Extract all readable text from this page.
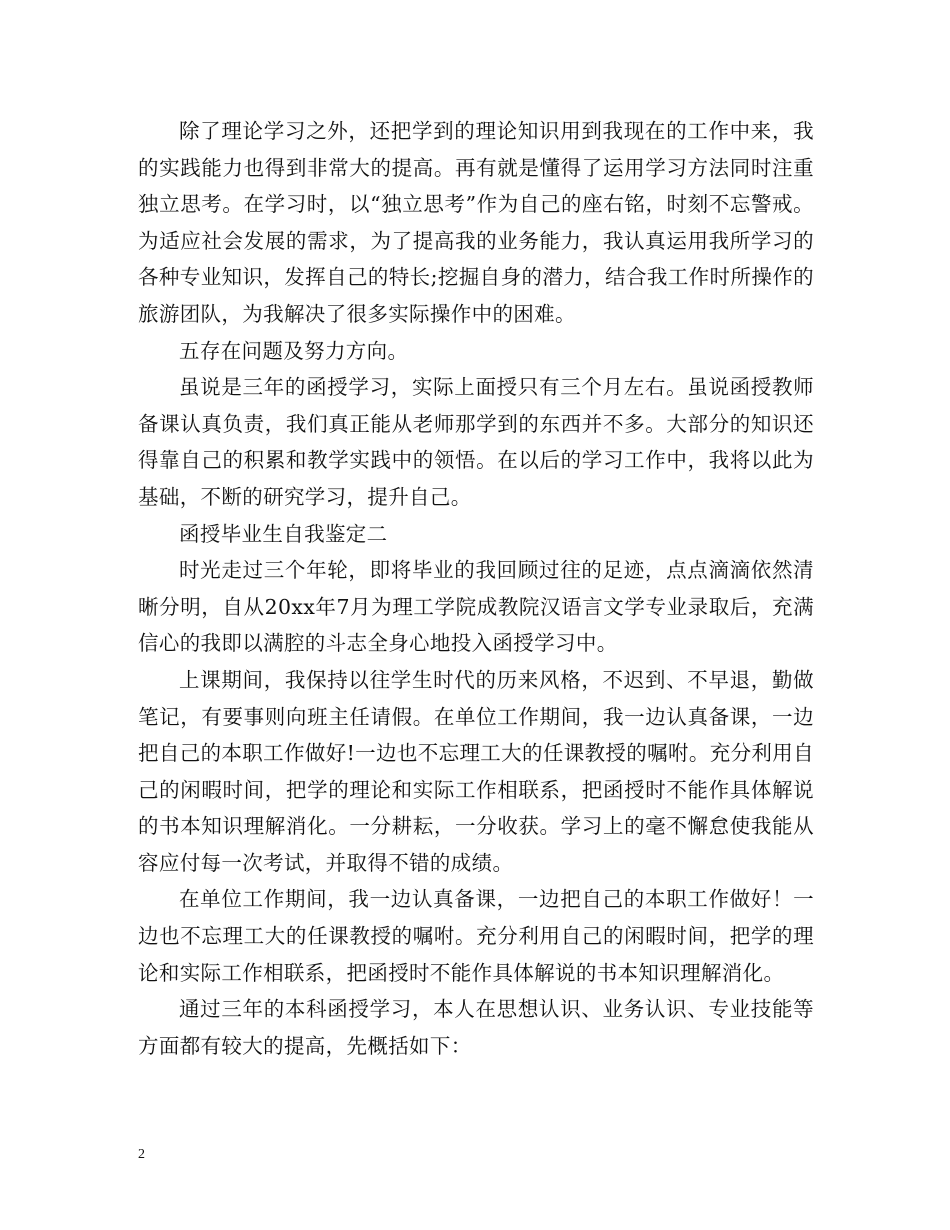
除了理论学习之外，还把学到的理论知识用到我现在的工作中来，我的实践能力也得到非常大的提高。再有就是懂得了运用学习方法同时注重独立思考。在学习时，以“独立思考”作为自己的座右铭，时刻不忘警戒。为适应社会发展的需求，为了提高我的业务能力，我认真运用我所学习的各种专业知识，发挥自己的特长;挖掘自身的潜力，结合我工作时所操作的旅游团队，为我解决了很多实际操作中的困难。

五存在问题及努力方向。

虽说是三年的函授学习，实际上面授只有三个月左右。虽说函授教师备课认真负责，我们真正能从老师那学到的东西并不多。大部分的知识还得靠自己的积累和教学实践中的领悟。在以后的学习工作中，我将以此为基础，不断的研究学习，提升自己。

函授毕业生自我鉴定二

时光走过三个年轮，即将毕业的我回顾过往的足迹，点点滴滴依然清晰分明，自从20xx年7月为理工学院成教院汉语言文学专业录取后，充满信心的我即以满腔的斗志全身心地投入函授学习中。

上课期间，我保持以往学生时代的历来风格，不迟到、不早退，勤做笔记，有要事则向班主任请假。在单位工作期间，我一边认真备课，一边把自己的本职工作做好!一边也不忘理工大的任课教授的嘱咐。充分利用自己的闲暇时间，把学的理论和实际工作相联系，把函授时不能作具体解说的书本知识理解消化。一分耕耘，一分收获。学习上的毫不懈怠使我能从容应付每一次考试，并取得不错的成绩。

在单位工作期间，我一边认真备课，一边把自己的本职工作做好！一边也不忘理工大的任课教授的嘱咐。充分利用自己的闲暇时间，把学的理论和实际工作相联系，把函授时不能作具体解说的书本知识理解消化。

通过三年的本科函授学习，本人在思想认识、业务认识、专业技能等方面都有较大的提高，先概括如下：

2
